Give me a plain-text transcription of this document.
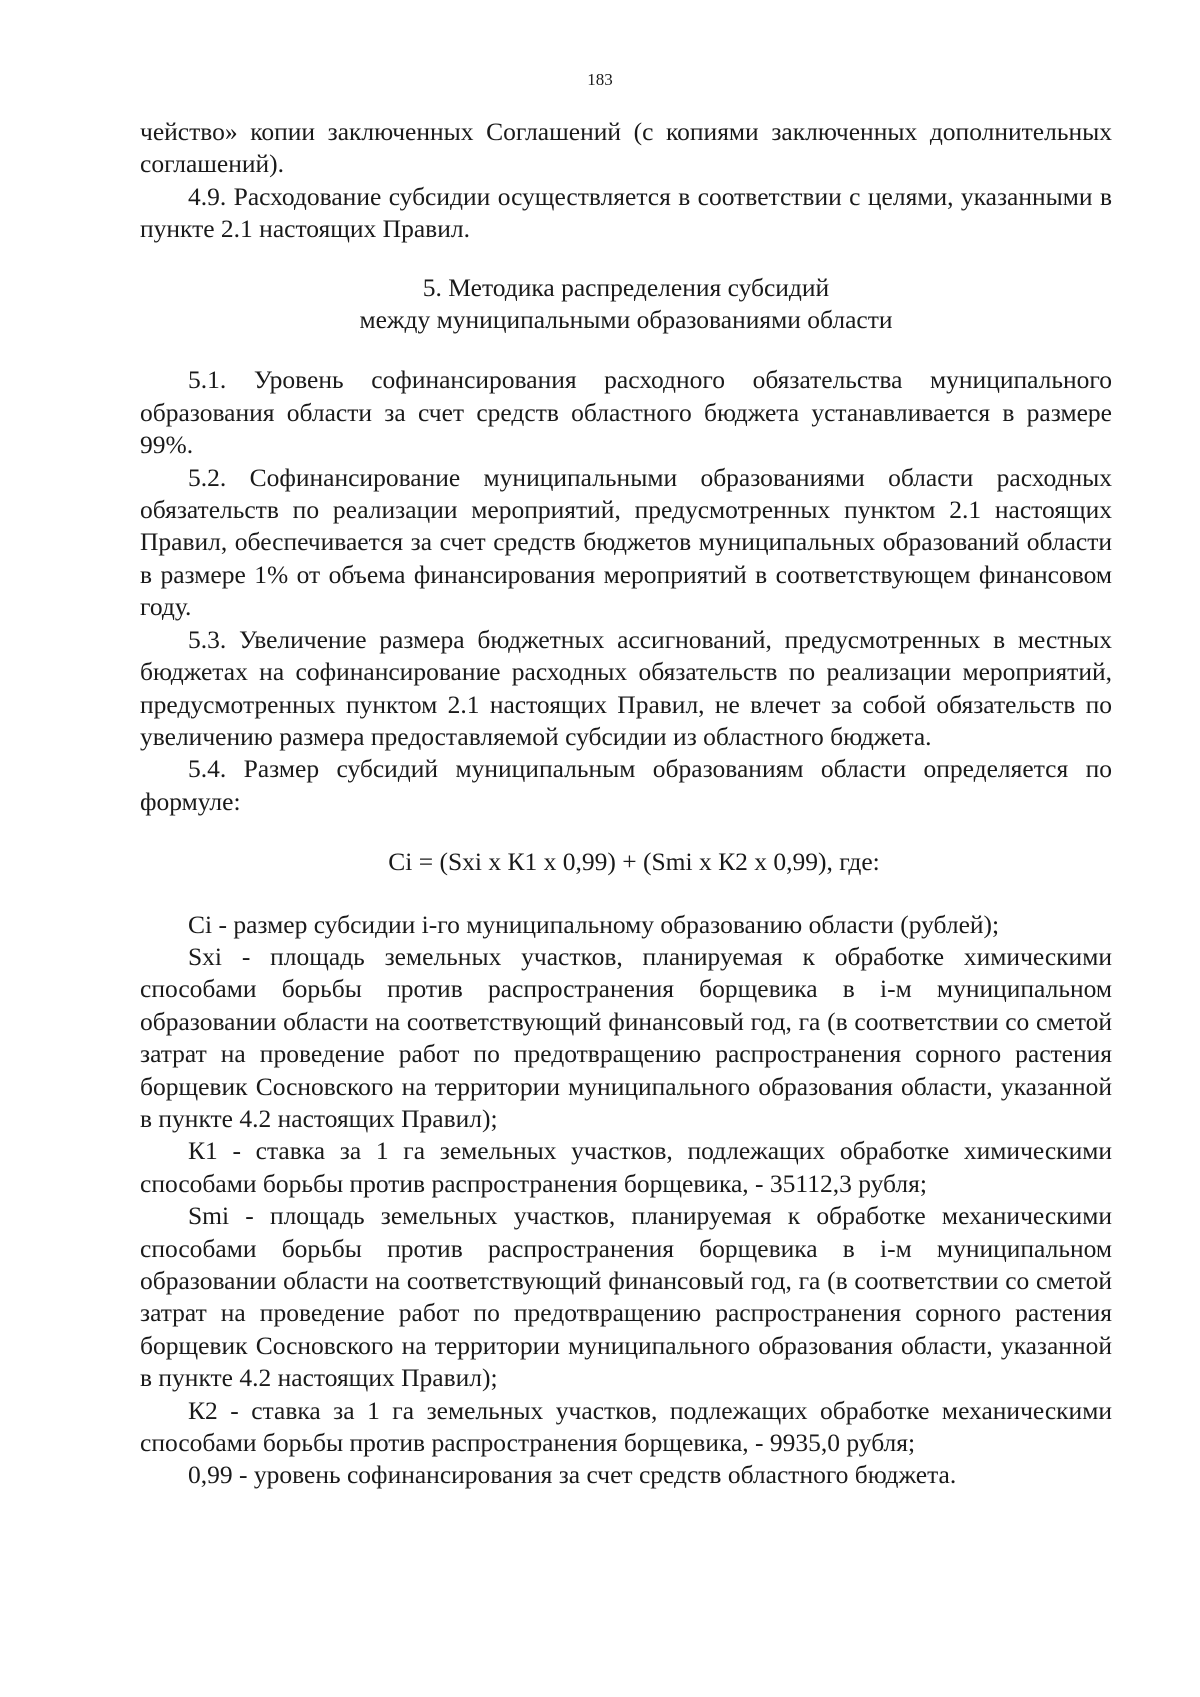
183

чейство» копии заключенных Соглашений (с копиями заключенных дополнительных соглашений).

4.9. Расходование субсидии осуществляется в соответствии с целями, указанными в пункте 2.1 настоящих Правил.

5. Методика распределения субсидий
между муниципальными образованиями области

5.1. Уровень софинансирования расходного обязательства муниципального образования области за счет средств областного бюджета устанавливается в размере 99%.

5.2. Софинансирование муниципальными образованиями области расходных обязательств по реализации мероприятий, предусмотренных пунктом 2.1 настоящих Правил, обеспечивается за счет средств бюджетов муниципальных образований области в размере 1% от объема финансирования мероприятий в соответствующем финансовом году.

5.3. Увеличение размера бюджетных ассигнований, предусмотренных в местных бюджетах на софинансирование расходных обязательств по реализации мероприятий, предусмотренных пунктом 2.1 настоящих Правил, не влечет за собой обязательств по увеличению размера предоставляемой субсидии из областного бюджета.

5.4. Размер субсидий муниципальным образованиям области определяется по формуле:

Ci = (Sxi x К1 x 0,99) + (Smi x К2 x 0,99), где:

Ci - размер субсидии i-го муниципальному образованию области (рублей);

Sxi - площадь земельных участков, планируемая к обработке химическими способами борьбы против распространения борщевика в i-м муниципальном образовании области на соответствующий финансовый год, га (в соответствии со сметой затрат на проведение работ по предотвращению распространения сорного растения борщевик Сосновского на территории муниципального образования области, указанной в пункте 4.2 настоящих Правил);

К1 - ставка за 1 га земельных участков, подлежащих обработке химическими способами борьбы против распространения борщевика, - 35112,3 рубля;

Smi - площадь земельных участков, планируемая к обработке механическими способами борьбы против распространения борщевика в i-м муниципальном образовании области на соответствующий финансовый год, га (в соответствии со сметой затрат на проведение работ по предотвращению распространения сорного растения борщевик Сосновского на территории муниципального образования области, указанной в пункте 4.2 настоящих Правил);

К2 - ставка за 1 га земельных участков, подлежащих обработке механическими способами борьбы против распространения борщевика, - 9935,0 рубля;

0,99 - уровень софинансирования за счет средств областного бюджета.
